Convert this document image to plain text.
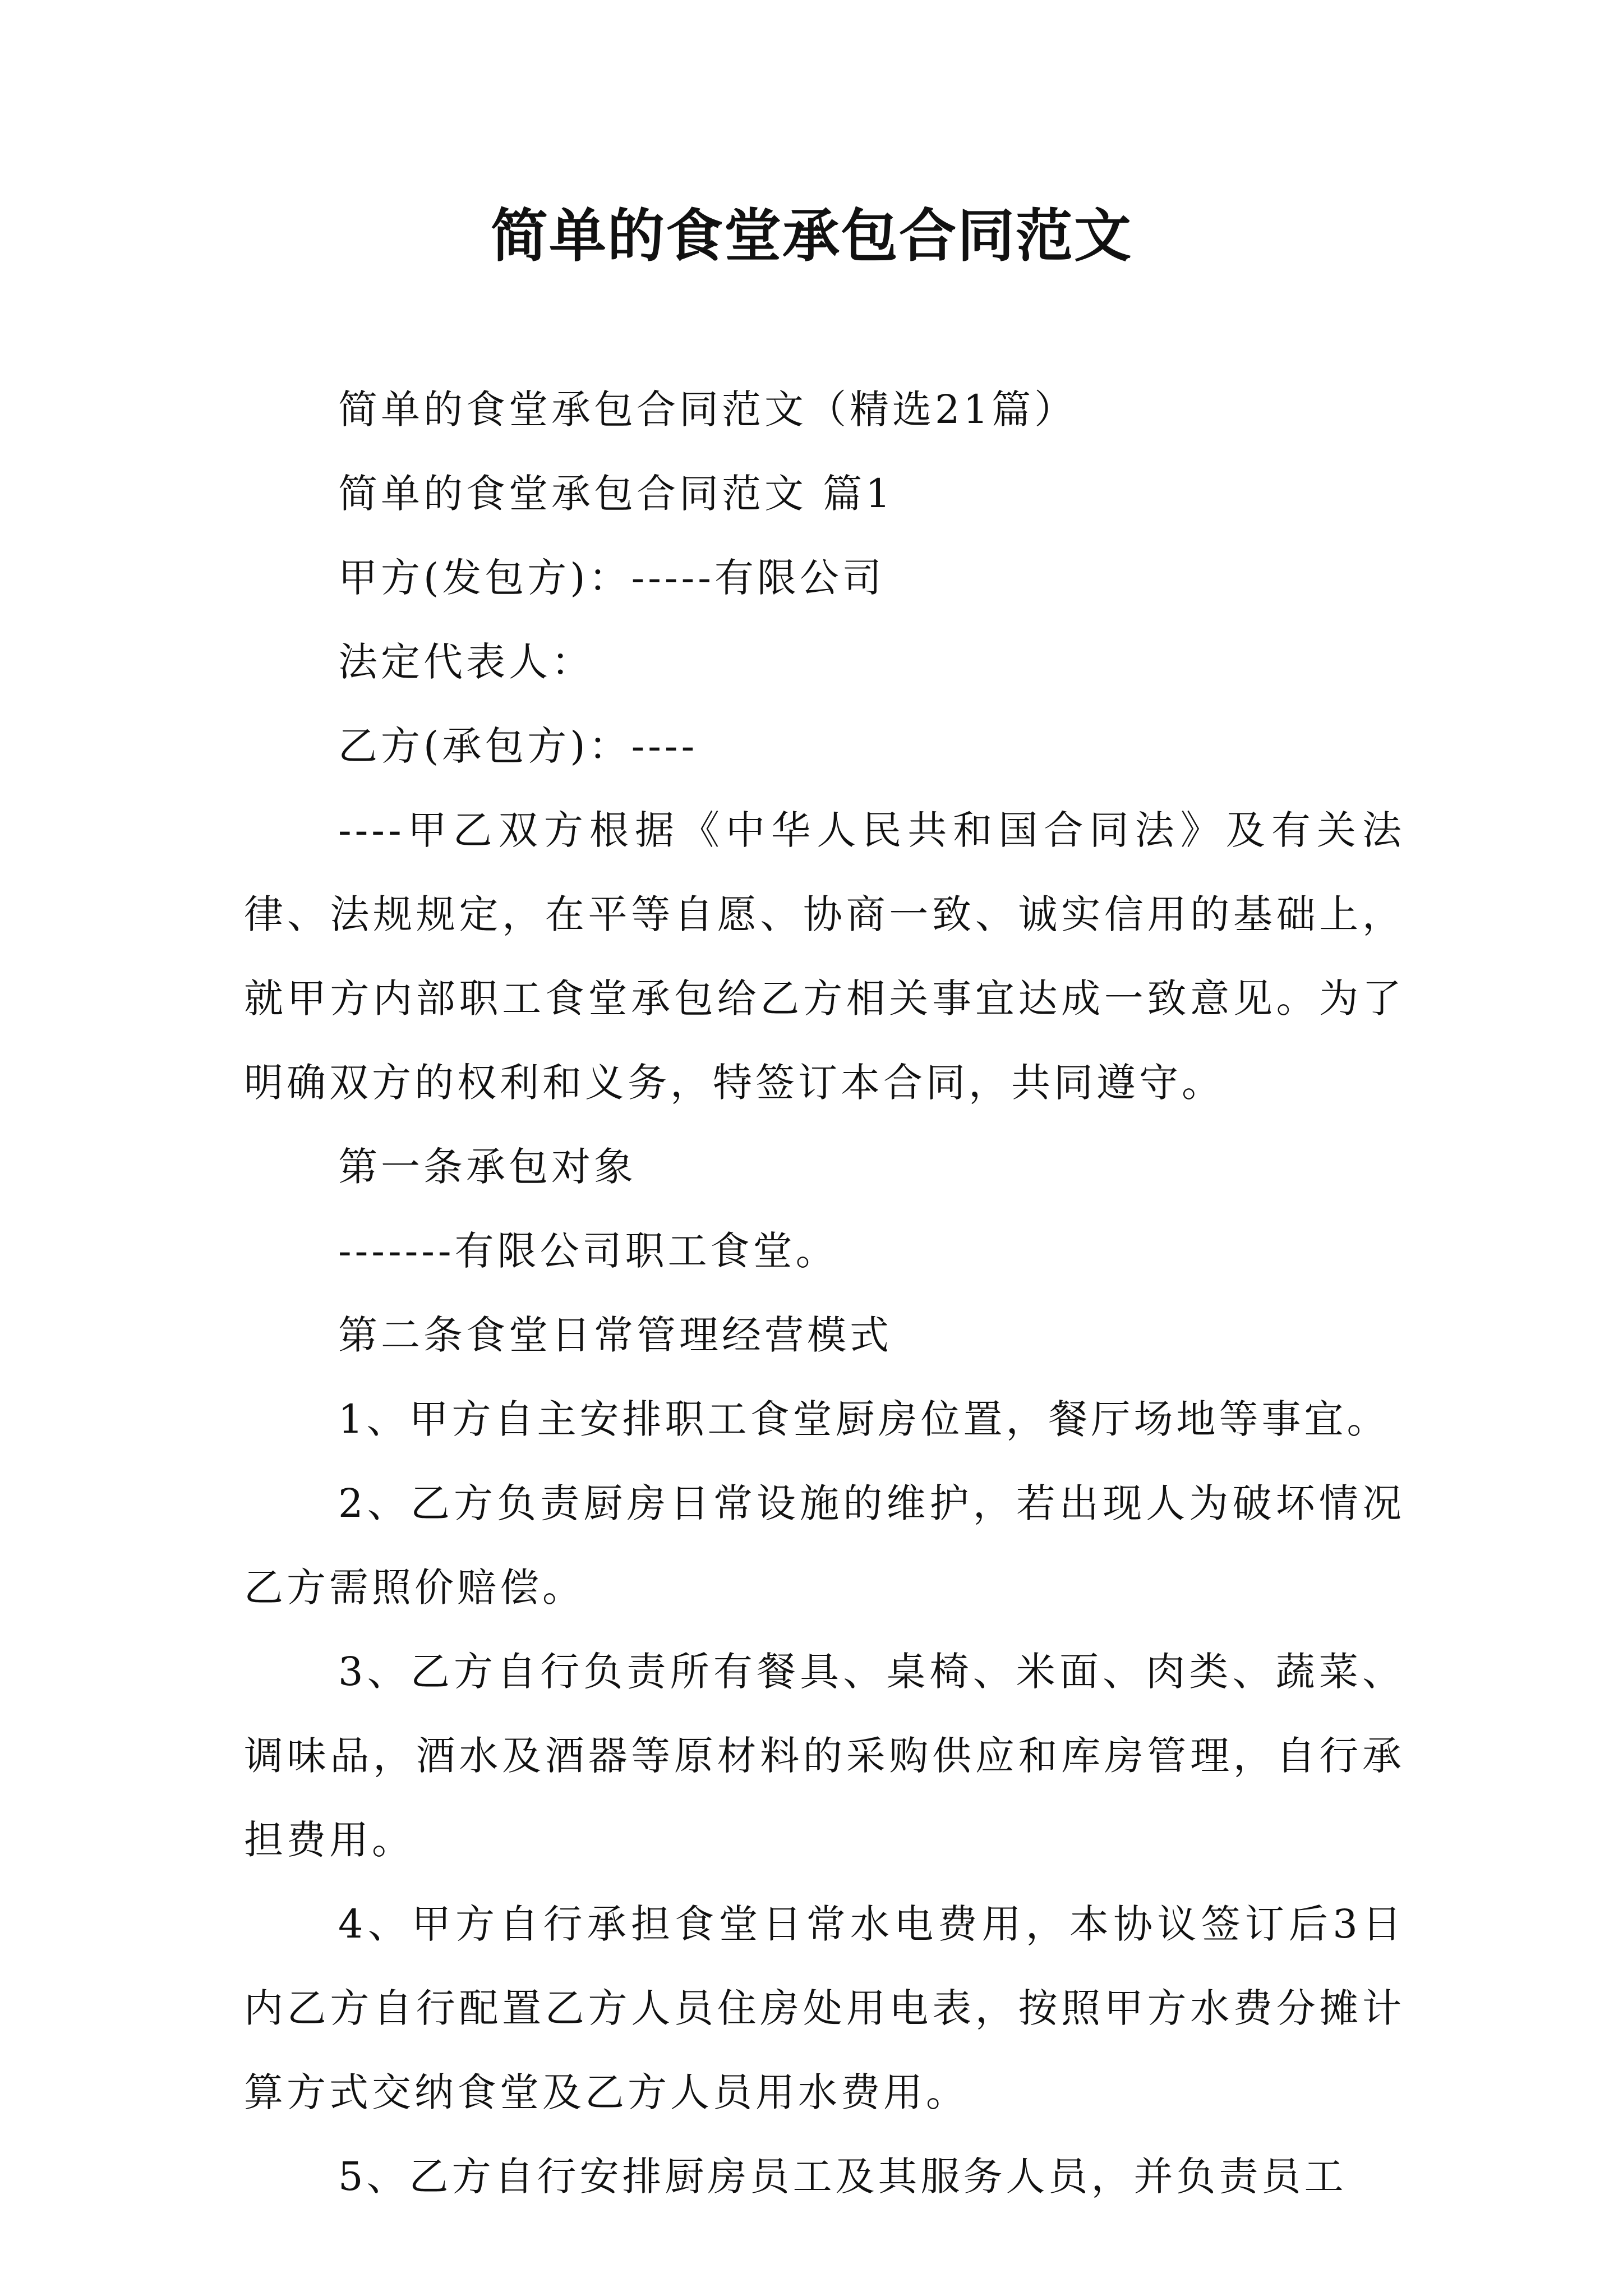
简单的食堂承包合同范文

简单的食堂承包合同范文（精选21篇）

简单的食堂承包合同范文 篇1

甲方(发包方)：-----有限公司

法定代表人：

乙方(承包方)：----

----甲乙双方根据《中华人民共和国合同法》及有关法律、法规规定，在平等自愿、协商一致、诚实信用的基础上，就甲方内部职工食堂承包给乙方相关事宜达成一致意见。为了明确双方的权利和义务，特签订本合同，共同遵守。

第一条承包对象

-------有限公司职工食堂。

第二条食堂日常管理经营模式

1、甲方自主安排职工食堂厨房位置，餐厅场地等事宜。

2、乙方负责厨房日常设施的维护，若出现人为破坏情况乙方需照价赔偿。

3、乙方自行负责所有餐具、桌椅、米面、肉类、蔬菜、调味品，酒水及酒器等原材料的采购供应和库房管理，自行承担费用。

4、甲方自行承担食堂日常水电费用，本协议签订后3日内乙方自行配置乙方人员住房处用电表，按照甲方水费分摊计算方式交纳食堂及乙方人员用水费用。

5、乙方自行安排厨房员工及其服务人员，并负责员工
